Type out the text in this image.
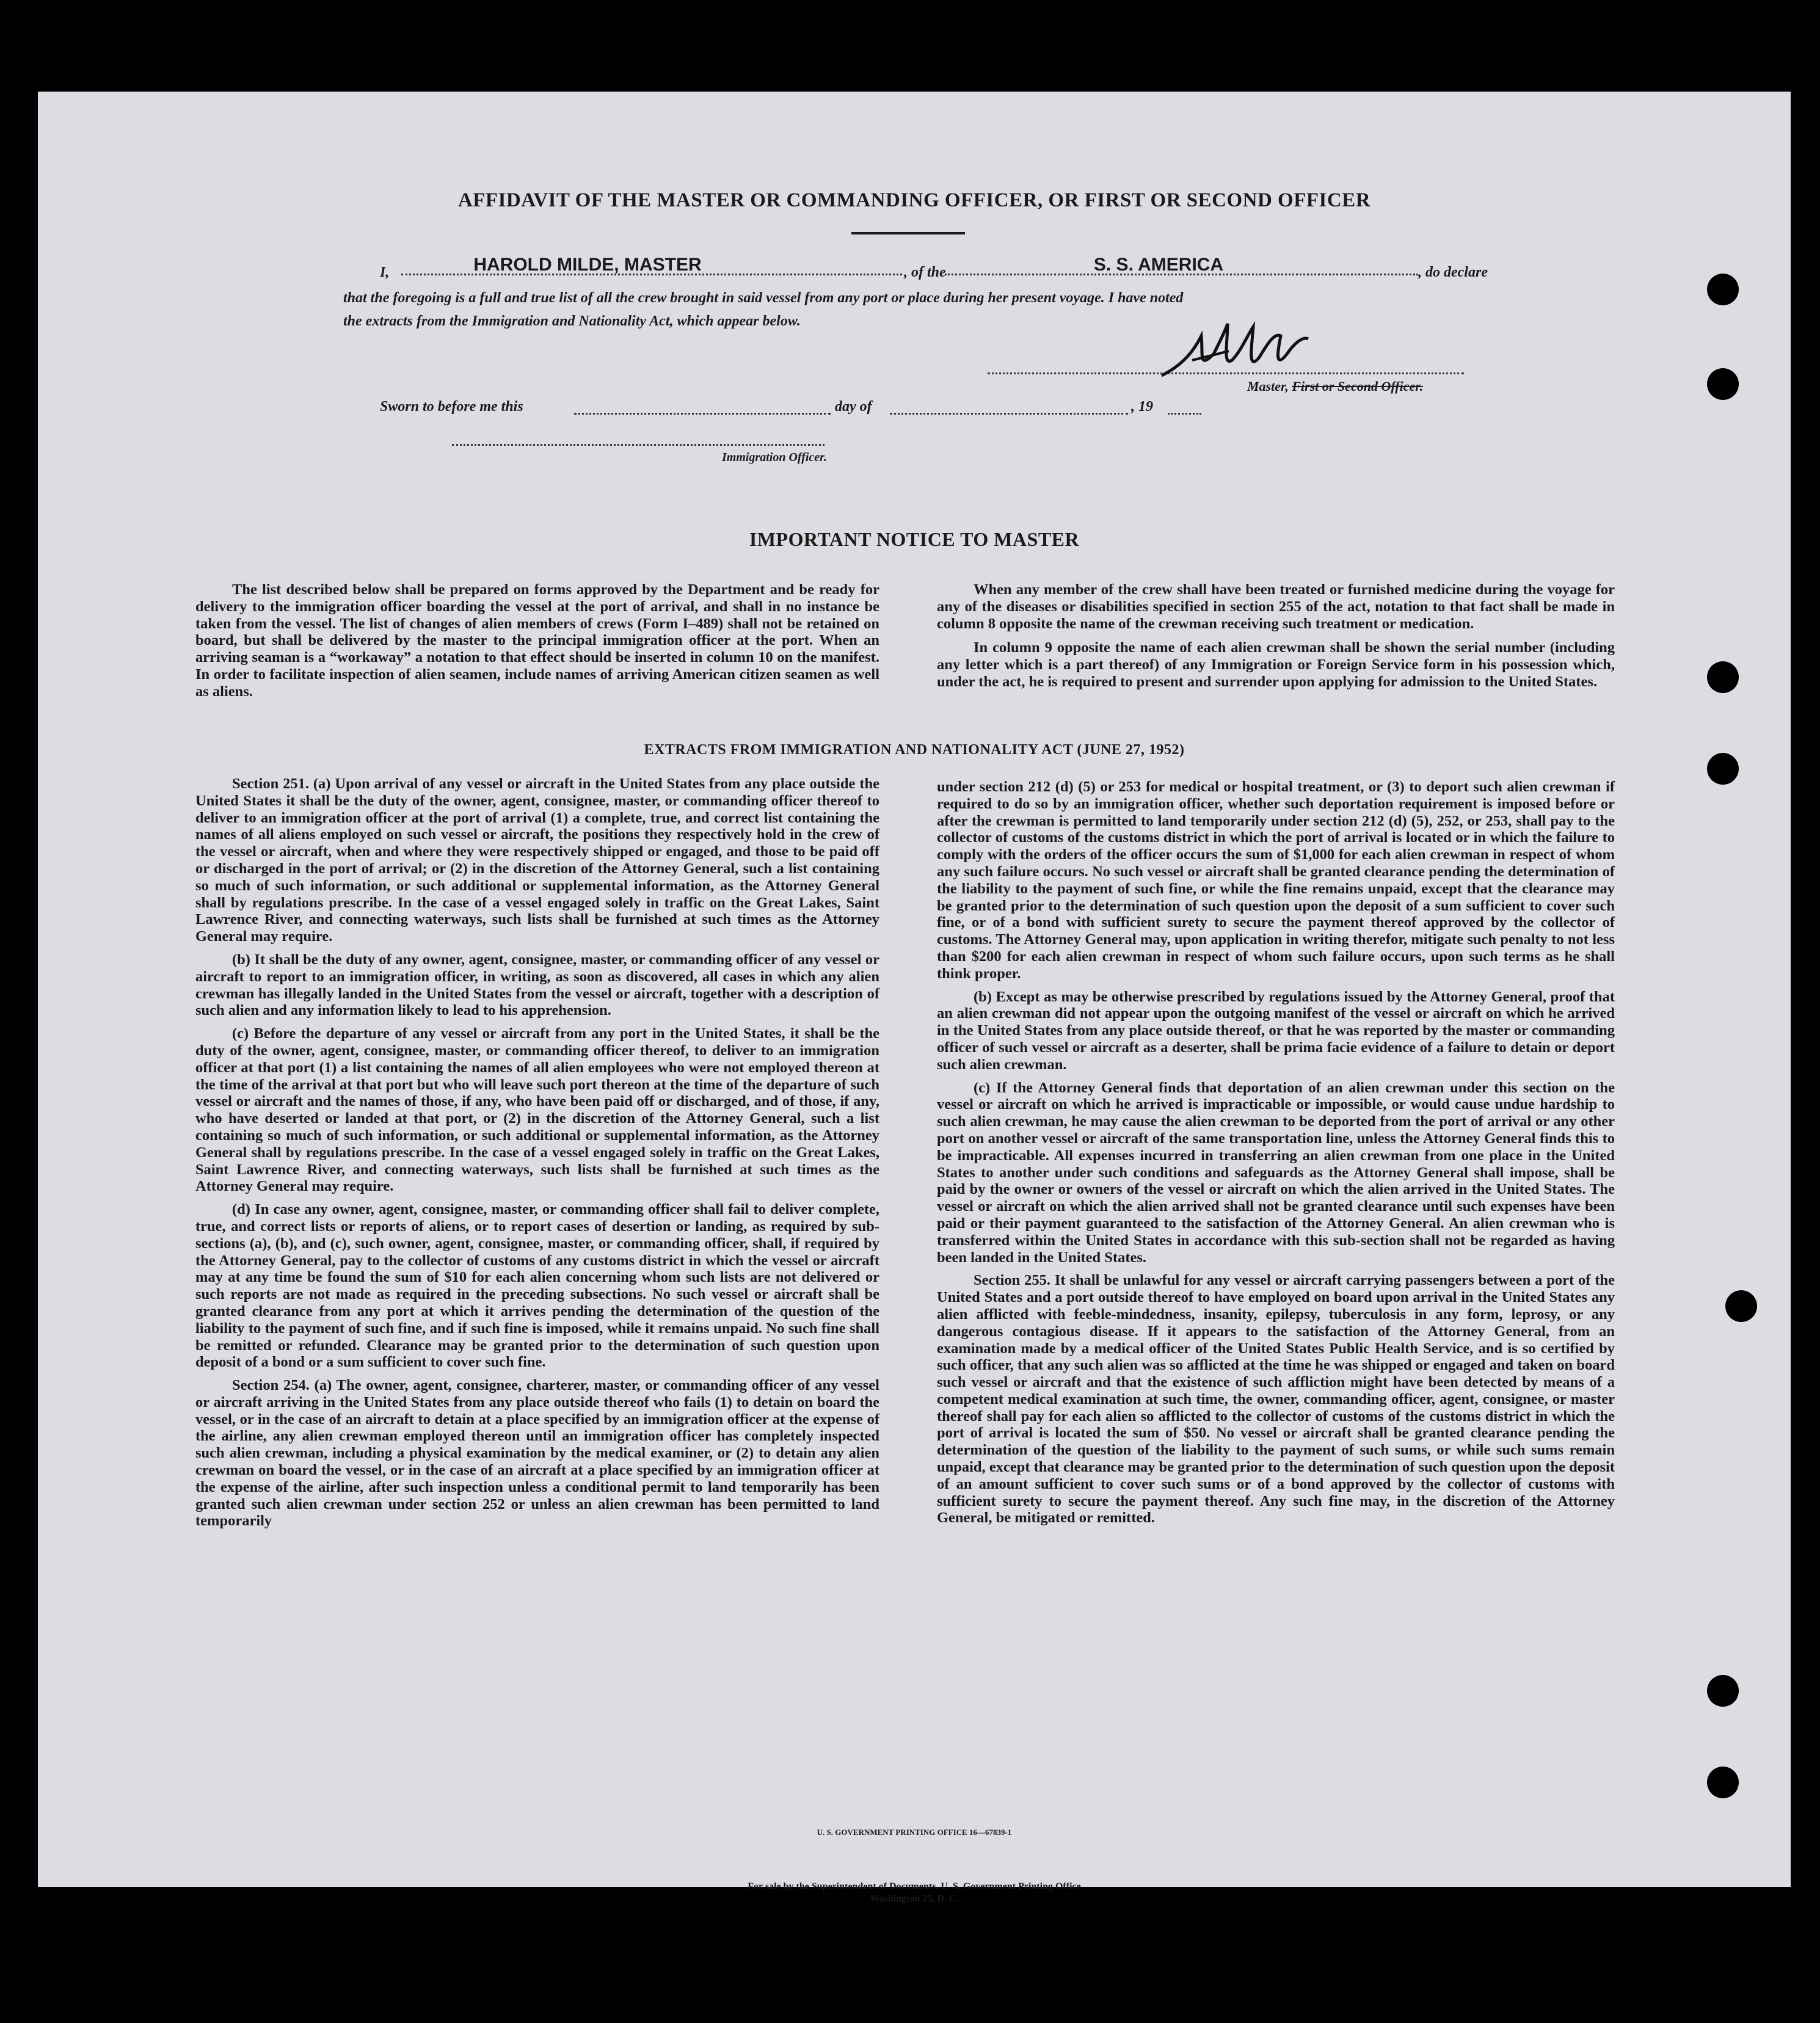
AFFIDAVIT OF THE MASTER OR COMMANDING OFFICER, OR FIRST OR SECOND OFFICER
I,	HAROLD MILDE, MASTER	, of the	S. S. AMERICA	, do declare
that the foregoing is a full and true list of all the crew brought in said vessel from any port or place during her present voyage. I have noted
the extracts from the Immigration and Nationality Act, which appear below.
Master, First or Second Officer.
Sworn to before me this	day of	, 19
Immigration Officer.
IMPORTANT NOTICE TO MASTER

The list described below shall be prepared on forms approved by the Department and be ready for delivery to the immigration officer boarding the vessel at the port of arrival, and shall in no instance be taken from the vessel. The list of changes of alien members of crews (Form I–489) shall not be retained on board, but shall be delivered by the master to the principal immigration officer at the port. When an arriving seaman is a “workaway” a notation to that effect should be inserted in column 10 on the manifest. In order to facilitate inspection of alien seamen, include names of arriving American citizen seamen as well as aliens.

When any member of the crew shall have been treated or furnished medicine during the voyage for any of the diseases or disabilities specified in section 255 of the act, notation to that fact shall be made in column 8 opposite the name of the crewman receiving such treatment or medication.

In column 9 opposite the name of each alien crewman shall be shown the serial number (including any letter which is a part thereof) of any Immigration or Foreign Service form in his possession which, under the act, he is required to present and surrender upon applying for admission to the United States.

EXTRACTS FROM IMMIGRATION AND NATIONALITY ACT (JUNE 27, 1952)

Section 251. (a) Upon arrival of any vessel or aircraft in the United States from any place outside the United States it shall be the duty of the owner, agent, consignee, master, or commanding officer thereof to deliver to an immigration officer at the port of arrival (1) a complete, true, and correct list containing the names of all aliens employed on such vessel or aircraft, the positions they respectively hold in the crew of the vessel or aircraft, when and where they were respectively shipped or engaged, and those to be paid off or discharged in the port of arrival; or (2) in the discretion of the Attorney General, such a list containing so much of such information, or such additional or supplemental information, as the Attorney General shall by regulations prescribe. In the case of a vessel engaged solely in traffic on the Great Lakes, Saint Lawrence River, and connecting waterways, such lists shall be furnished at such times as the Attorney General may require.

(b) It shall be the duty of any owner, agent, consignee, master, or commanding officer of any vessel or aircraft to report to an immigration officer, in writing, as soon as discovered, all cases in which any alien crewman has illegally landed in the United States from the vessel or aircraft, together with a description of such alien and any information likely to lead to his apprehension.

(c) Before the departure of any vessel or aircraft from any port in the United States, it shall be the duty of the owner, agent, consignee, master, or commanding officer thereof, to deliver to an immigration officer at that port (1) a list containing the names of all alien employees who were not employed thereon at the time of the arrival at that port but who will leave such port thereon at the time of the departure of such vessel or aircraft and the names of those, if any, who have been paid off or discharged, and of those, if any, who have deserted or landed at that port, or (2) in the discretion of the Attorney General, such a list containing so much of such information, or such additional or supplemental information, as the Attorney General shall by regulations prescribe. In the case of a vessel engaged solely in traffic on the Great Lakes, Saint Lawrence River, and connecting waterways, such lists shall be furnished at such times as the Attorney General may require.

(d) In case any owner, agent, consignee, master, or commanding officer shall fail to deliver complete, true, and correct lists or reports of aliens, or to report cases of desertion or landing, as required by sub-sections (a), (b), and (c), such owner, agent, consignee, master, or commanding officer, shall, if required by the Attorney General, pay to the collector of customs of any customs district in which the vessel or aircraft may at any time be found the sum of $10 for each alien concerning whom such lists are not delivered or such reports are not made as required in the preceding subsections. No such vessel or aircraft shall be granted clearance from any port at which it arrives pending the determination of the question of the liability to the payment of such fine, and if such fine is imposed, while it remains unpaid. No such fine shall be remitted or refunded. Clearance may be granted prior to the determination of such question upon deposit of a bond or a sum sufficient to cover such fine.

Section 254. (a) The owner, agent, consignee, charterer, master, or commanding officer of any vessel or aircraft arriving in the United States from any place outside thereof who fails (1) to detain on board the vessel, or in the case of an aircraft to detain at a place specified by an immigration officer at the expense of the airline, any alien crewman employed thereon until an immigration officer has completely inspected such alien crewman, including a physical examination by the medical examiner, or (2) to detain any alien crewman on board the vessel, or in the case of an aircraft at a place specified by an immigration officer at the expense of the airline, after such inspection unless a conditional permit to land temporarily has been granted such alien crewman under section 252 or unless an alien crewman has been permitted to land temporarily

under section 212 (d) (5) or 253 for medical or hospital treatment, or (3) to deport such alien crewman if required to do so by an immigration officer, whether such deportation requirement is imposed before or after the crewman is permitted to land temporarily under section 212 (d) (5), 252, or 253, shall pay to the collector of customs of the customs district in which the port of arrival is located or in which the failure to comply with the orders of the officer occurs the sum of $1,000 for each alien crewman in respect of whom any such failure occurs. No such vessel or aircraft shall be granted clearance pending the determination of the liability to the payment of such fine, or while the fine remains unpaid, except that the clearance may be granted prior to the determination of such question upon the deposit of a sum sufficient to cover such fine, or of a bond with sufficient surety to secure the payment thereof approved by the collector of customs. The Attorney General may, upon application in writing therefor, mitigate such penalty to not less than $200 for each alien crewman in respect of whom such failure occurs, upon such terms as he shall think proper.

(b) Except as may be otherwise prescribed by regulations issued by the Attorney General, proof that an alien crewman did not appear upon the outgoing manifest of the vessel or aircraft on which he arrived in the United States from any place outside thereof, or that he was reported by the master or commanding officer of such vessel or aircraft as a deserter, shall be prima facie evidence of a failure to detain or deport such alien crewman.

(c) If the Attorney General finds that deportation of an alien crewman under this section on the vessel or aircraft on which he arrived is impracticable or impossible, or would cause undue hardship to such alien crewman, he may cause the alien crewman to be deported from the port of arrival or any other port on another vessel or aircraft of the same transportation line, unless the Attorney General finds this to be impracticable. All expenses incurred in transferring an alien crewman from one place in the United States to another under such conditions and safeguards as the Attorney General shall impose, shall be paid by the owner or owners of the vessel or aircraft on which the alien arrived in the United States. The vessel or aircraft on which the alien arrived shall not be granted clearance until such expenses have been paid or their payment guaranteed to the satisfaction of the Attorney General. An alien crewman who is transferred within the United States in accordance with this sub-section shall not be regarded as having been landed in the United States.

Section 255. It shall be unlawful for any vessel or aircraft carrying passengers between a port of the United States and a port outside thereof to have employed on board upon arrival in the United States any alien afflicted with feeble-mindedness, insanity, epilepsy, tuberculosis in any form, leprosy, or any dangerous contagious disease. If it appears to the satisfaction of the Attorney General, from an examination made by a medical officer of the United States Public Health Service, and is so certified by such officer, that any such alien was so afflicted at the time he was shipped or engaged and taken on board such vessel or aircraft and that the existence of such affliction might have been detected by means of a competent medical examination at such time, the owner, commanding officer, agent, consignee, or master thereof shall pay for each alien so afflicted to the collector of customs of the customs district in which the port of arrival is located the sum of $50. No vessel or aircraft shall be granted clearance pending the determination of the question of the liability to the payment of such sums, or while such sums remain unpaid, except that clearance may be granted prior to the determination of such question upon the deposit of an amount sufficient to cover such sums or of a bond approved by the collector of customs with sufficient surety to secure the payment thereof. Any such fine may, in the discretion of the Attorney General, be mitigated or remitted.

U. S. GOVERNMENT PRINTING OFFICE 16—67839-1
For sale by the Superintendent of Documents, U. S. Government Printing Office
Washington 25, D. C.
